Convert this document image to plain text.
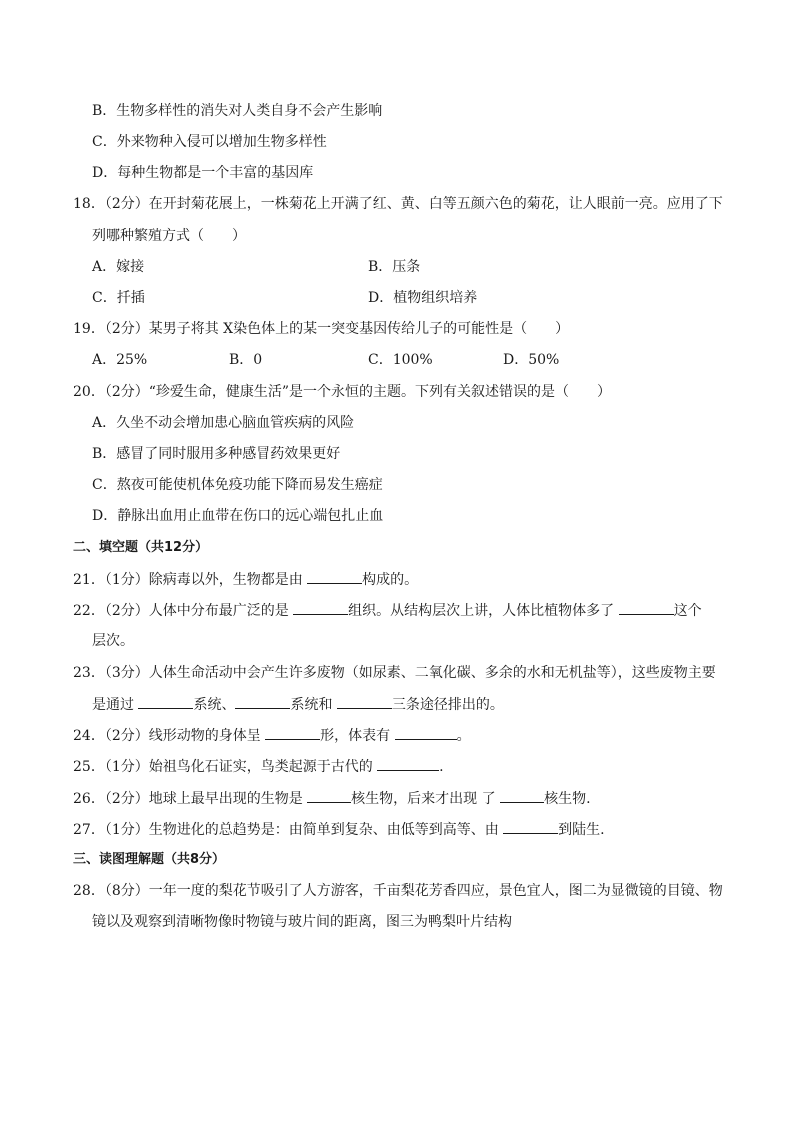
B．生物多样性的消失对人类自身不会产生影响
C．外来物种入侵可以增加生物多样性
D．每种生物都是一个丰富的基因库
18．（2分）在开封菊花展上，一株菊花上开满了红、黄、白等五颜六色的菊花，让人眼前一亮。应用了下
列哪种繁殖方式（　　）
A．嫁接	B．压条
C．扦插	D．植物组织培养
19．（2分）某男子将其 X染色体上的某一突变基因传给儿子的可能性是（　　）
A．25%	B．0	C．100%	D．50%
20．（2分）“珍爱生命，健康生活”是一个永恒的主题。下列有关叙述错误的是（　　）
A．久坐不动会增加患心脑血管疾病的风险
B．感冒了同时服用多种感冒药效果更好
C．熬夜可能使机体免疫功能下降而易发生癌症
D．静脉出血用止血带在伤口的远心端包扎止血
二、填空题（共12分）
21．（1分）除病毒以外，生物都是由	构成的。
22．（2分）人体中分布最广泛的是	组织。从结构层次上讲，人体比植物体多了	这个
层次。
23．（3分）人体生命活动中会产生许多废物（如尿素、二氧化碳、多余的水和无机盐等），这些废物主要
是通过	系统、	系统和	三条途径排出的。
24．（2分）线形动物的身体呈	形，体表有	。
25．（1分）始祖鸟化石证实，鸟类起源于古代的	.
26．（2分）地球上最早出现的生物是	核生物，后来才出现 了	核生物.
27．（1分）生物进化的总趋势是：由简单到复杂、由低等到高等、由	到陆生.
三、读图理解题（共8分）
28．（8分）一年一度的梨花节吸引了人方游客，千亩梨花芳香四应，景色宜人，图二为显微镜的目镜、物
镜以及观察到清晰物像时物镜与玻片间的距离，图三为鸭梨叶片结构
